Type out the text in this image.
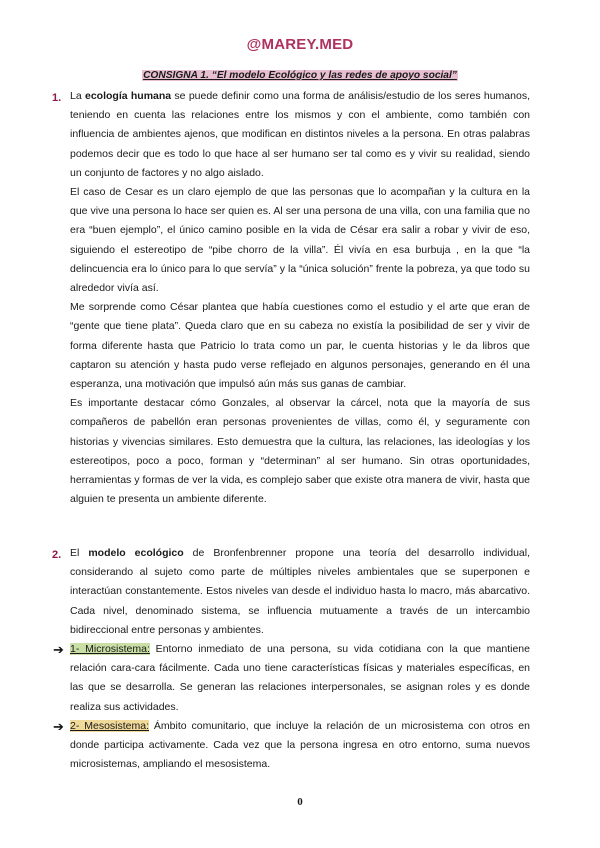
@MAREY.MED
CONSIGNA 1. “El modelo Ecológico y las redes de apoyo social”
1. La ecología humana se puede definir como una forma de análisis/estudio de los seres humanos, teniendo en cuenta las relaciones entre los mismos y con el ambiente, como también con influencia de ambientes ajenos, que modifican en distintos niveles a la persona. En otras palabras podemos decir que es todo lo que hace al ser humano ser tal como es y vivir su realidad, siendo un conjunto de factores y no algo aislado.

El caso de Cesar es un claro ejemplo de que las personas que lo acompañan y la cultura en la que vive una persona lo hace ser quien es. Al ser una persona de una villa, con una familia que no era “buen ejemplo”, el único camino posible en la vida de César era salir a robar y vivir de eso, siguiendo el estereotipo de “pibe chorro de la villa”. Él vivía en esa burbuja , en la que “la delincuencia era lo único para lo que servía” y la “única solución” frente la pobreza, ya que todo su alrededor vivía así.

Me sorprende como César plantea que había cuestiones como el estudio y el arte que eran de “gente que tiene plata”. Queda claro que en su cabeza no existía la posibilidad de ser y vivir de forma diferente hasta que Patricio lo trata como un par, le cuenta historias y le da libros que captaron su atención y hasta pudo verse reflejado en algunos personajes, generando en él una esperanza, una motivación que impulsó aún más sus ganas de cambiar.

Es importante destacar cómo Gonzales, al observar la cárcel, nota que la mayoría de sus compañeros de pabellón eran personas provenientes de villas, como él, y seguramente con historias y vivencias similares. Esto demuestra que la cultura, las relaciones, las ideologías y los estereotipos, poco a poco, forman y “determinan” al ser humano. Sin otras oportunidades, herramientas y formas de ver la vida, es complejo saber que existe otra manera de vivir, hasta que alguien te presenta un ambiente diferente.

2. El modelo ecológico de Bronfenbrenner propone una teoría del desarrollo individual, considerando al sujeto como parte de múltiples niveles ambientales que se superponen e interactúan constantemente. Estos niveles van desde el individuo hasta lo macro, más abarcativo. Cada nivel, denominado sistema, se influencia mutuamente a través de un intercambio bidireccional entre personas y ambientes.

➔ 1- Microsistema: Entorno inmediato de una persona, su vida cotidiana con la que mantiene relación cara-cara fácilmente. Cada uno tiene características físicas y materiales específicas, en las que se desarrolla. Se generan las relaciones interpersonales, se asignan roles y es donde realiza sus actividades.

➔ 2- Mesosistema: Ámbito comunitario, que incluye la relación de un microsistema con otros en donde participa activamente. Cada vez que la persona ingresa en otro entorno, suma nuevos microsistemas, ampliando el mesosistema.

0
